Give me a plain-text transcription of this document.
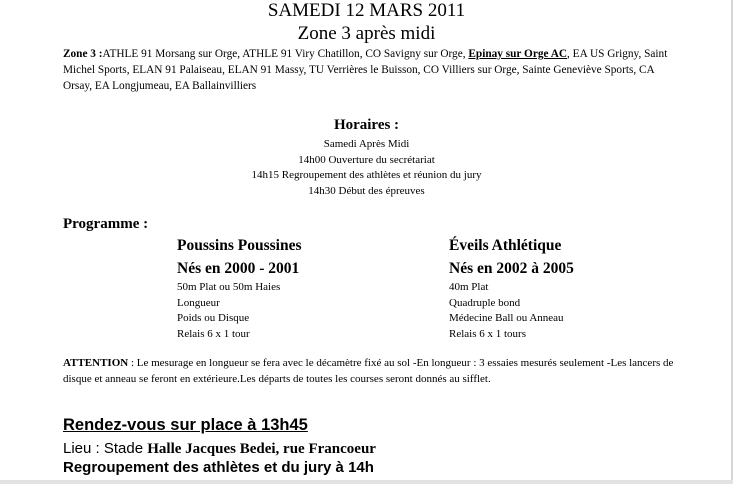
SAMEDI 12 MARS 2011
Zone 3 après midi
Zone 3 :ATHLE 91 Morsang sur Orge, ATHLE 91 Viry Chatillon, CO Savigny sur Orge, Epinay sur Orge AC, EA US Grigny, Saint Michel Sports, ELAN 91 Palaiseau, ELAN 91 Massy, TU Verrières le Buisson, CO Villiers sur Orge, Sainte Geneviève Sports, CA Orsay, EA Longjumeau, EA Ballainvilliers
Horaires :
Samedi Après Midi
14h00 Ouverture du secrétariat
14h15 Regroupement des athlètes et réunion du jury
14h30 Début des épreuves
Programme :
Poussins Poussines
Nés en 2000 - 2001
50m Plat ou 50m Haies
Longueur
Poids ou Disque
Relais 6 x 1 tour
Éveils Athlétique
Nés en 2002 à 2005
40m Plat
Quadruple bond
Médecine Ball ou Anneau
Relais 6 x 1 tours
ATTENTION : Le mesurage en longueur se fera avec le décamètre fixé au sol -En longueur : 3 essaies mesurés seulement -Les lancers de disque et anneau se feront en extérieure.Les départs de toutes les courses seront donnés au sifflet.
Rendez-vous sur place à 13h45
Lieu : Stade Halle Jacques Bedei, rue Francoeur
Regroupement des athlètes et du jury à 14h
